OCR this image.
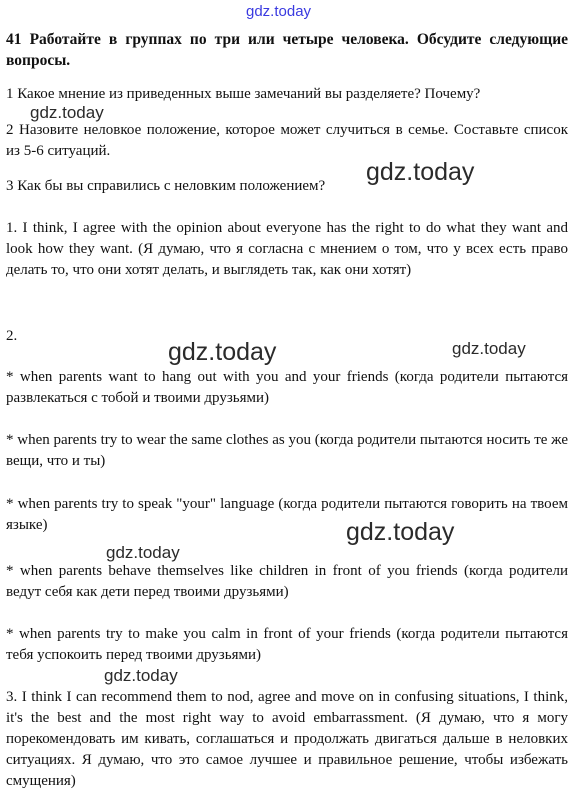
gdz.today
gdz.today
gdz.today
gdz.today	gdz.today
gdz.today
gdz.today
gdz.today

41 Работайте в группах по три или четыре человека. Обсудите следующие вопросы.

1 Какое мнение из приведенных выше замечаний вы разделяете? Почему?

2 Назовите неловкое положение, которое может случиться в семье. Составьте список из 5-6 ситуаций.

3 Как бы вы справились с неловким положением?

1. I think, I agree with the opinion about everyone has the right to do what they want and look how they want. (Я думаю, что я согласна с мнением о том, что у всех есть право делать то, что они хотят делать, и выглядеть так, как они хотят)

2.

* when parents want to hang out with you and your friends (когда родители пытаются развлекаться с тобой и твоими друзьями)

* when parents try to wear the same clothes as you (когда родители пытаются носить те же вещи, что и ты)

* when parents try to speak "your" language (когда родители пытаются говорить на твоем языке)

* when parents behave themselves like children in front of you friends (когда родители ведут себя как дети перед твоими друзьями)

* when parents try to make you calm in front of your friends (когда родители пытаются тебя успокоить перед твоими друзьями)

3. I think I can recommend them to nod, agree and move on in confusing situations, I think, it's the best and the most right way to avoid embarrassment. (Я думаю, что я могу порекомендовать им кивать, соглашаться и продолжать двигаться дальше в неловких ситуациях. Я думаю, что это самое лучшее и правильное решение, чтобы избежать смущения)
